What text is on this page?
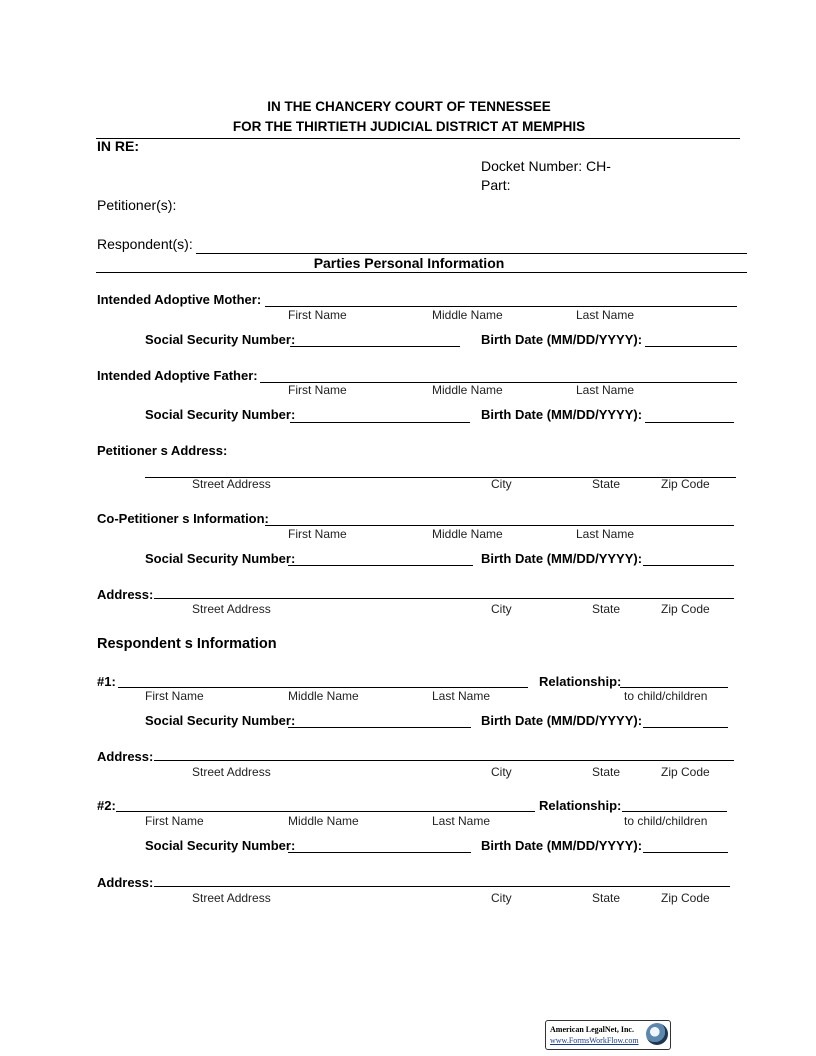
IN THE CHANCERY COURT OF TENNESSEE
FOR THE THIRTIETH JUDICIAL DISTRICT AT MEMPHIS
IN RE:
Docket Number: CH-
Part:
Petitioner(s):
Respondent(s):
Parties Personal Information
Intended Adoptive Mother:
First Name	Middle Name	Last Name
Social Security Number:	Birth Date (MM/DD/YYYY):
Intended Adoptive Father:
First Name	Middle Name	Last Name
Social Security Number:	Birth Date (MM/DD/YYYY):
Petitioner s Address:
Street Address	City	State	Zip Code
Co-Petitioner s Information:
First Name	Middle Name	Last Name
Social Security Number:	Birth Date (MM/DD/YYYY):
Address:
Street Address	City	State	Zip Code
Respondent s Information
#1:	Relationship:
First Name	Middle Name	Last Name	to child/children
Social Security Number:	Birth Date (MM/DD/YYYY):
Address:
Street Address	City	State	Zip Code
#2:	Relationship:
First Name	Middle Name	Last Name	to child/children
Social Security Number:	Birth Date (MM/DD/YYYY):
Address:
Street Address	City	State	Zip Code
American LegalNet, Inc.
www.FormsWorkFlow.com
